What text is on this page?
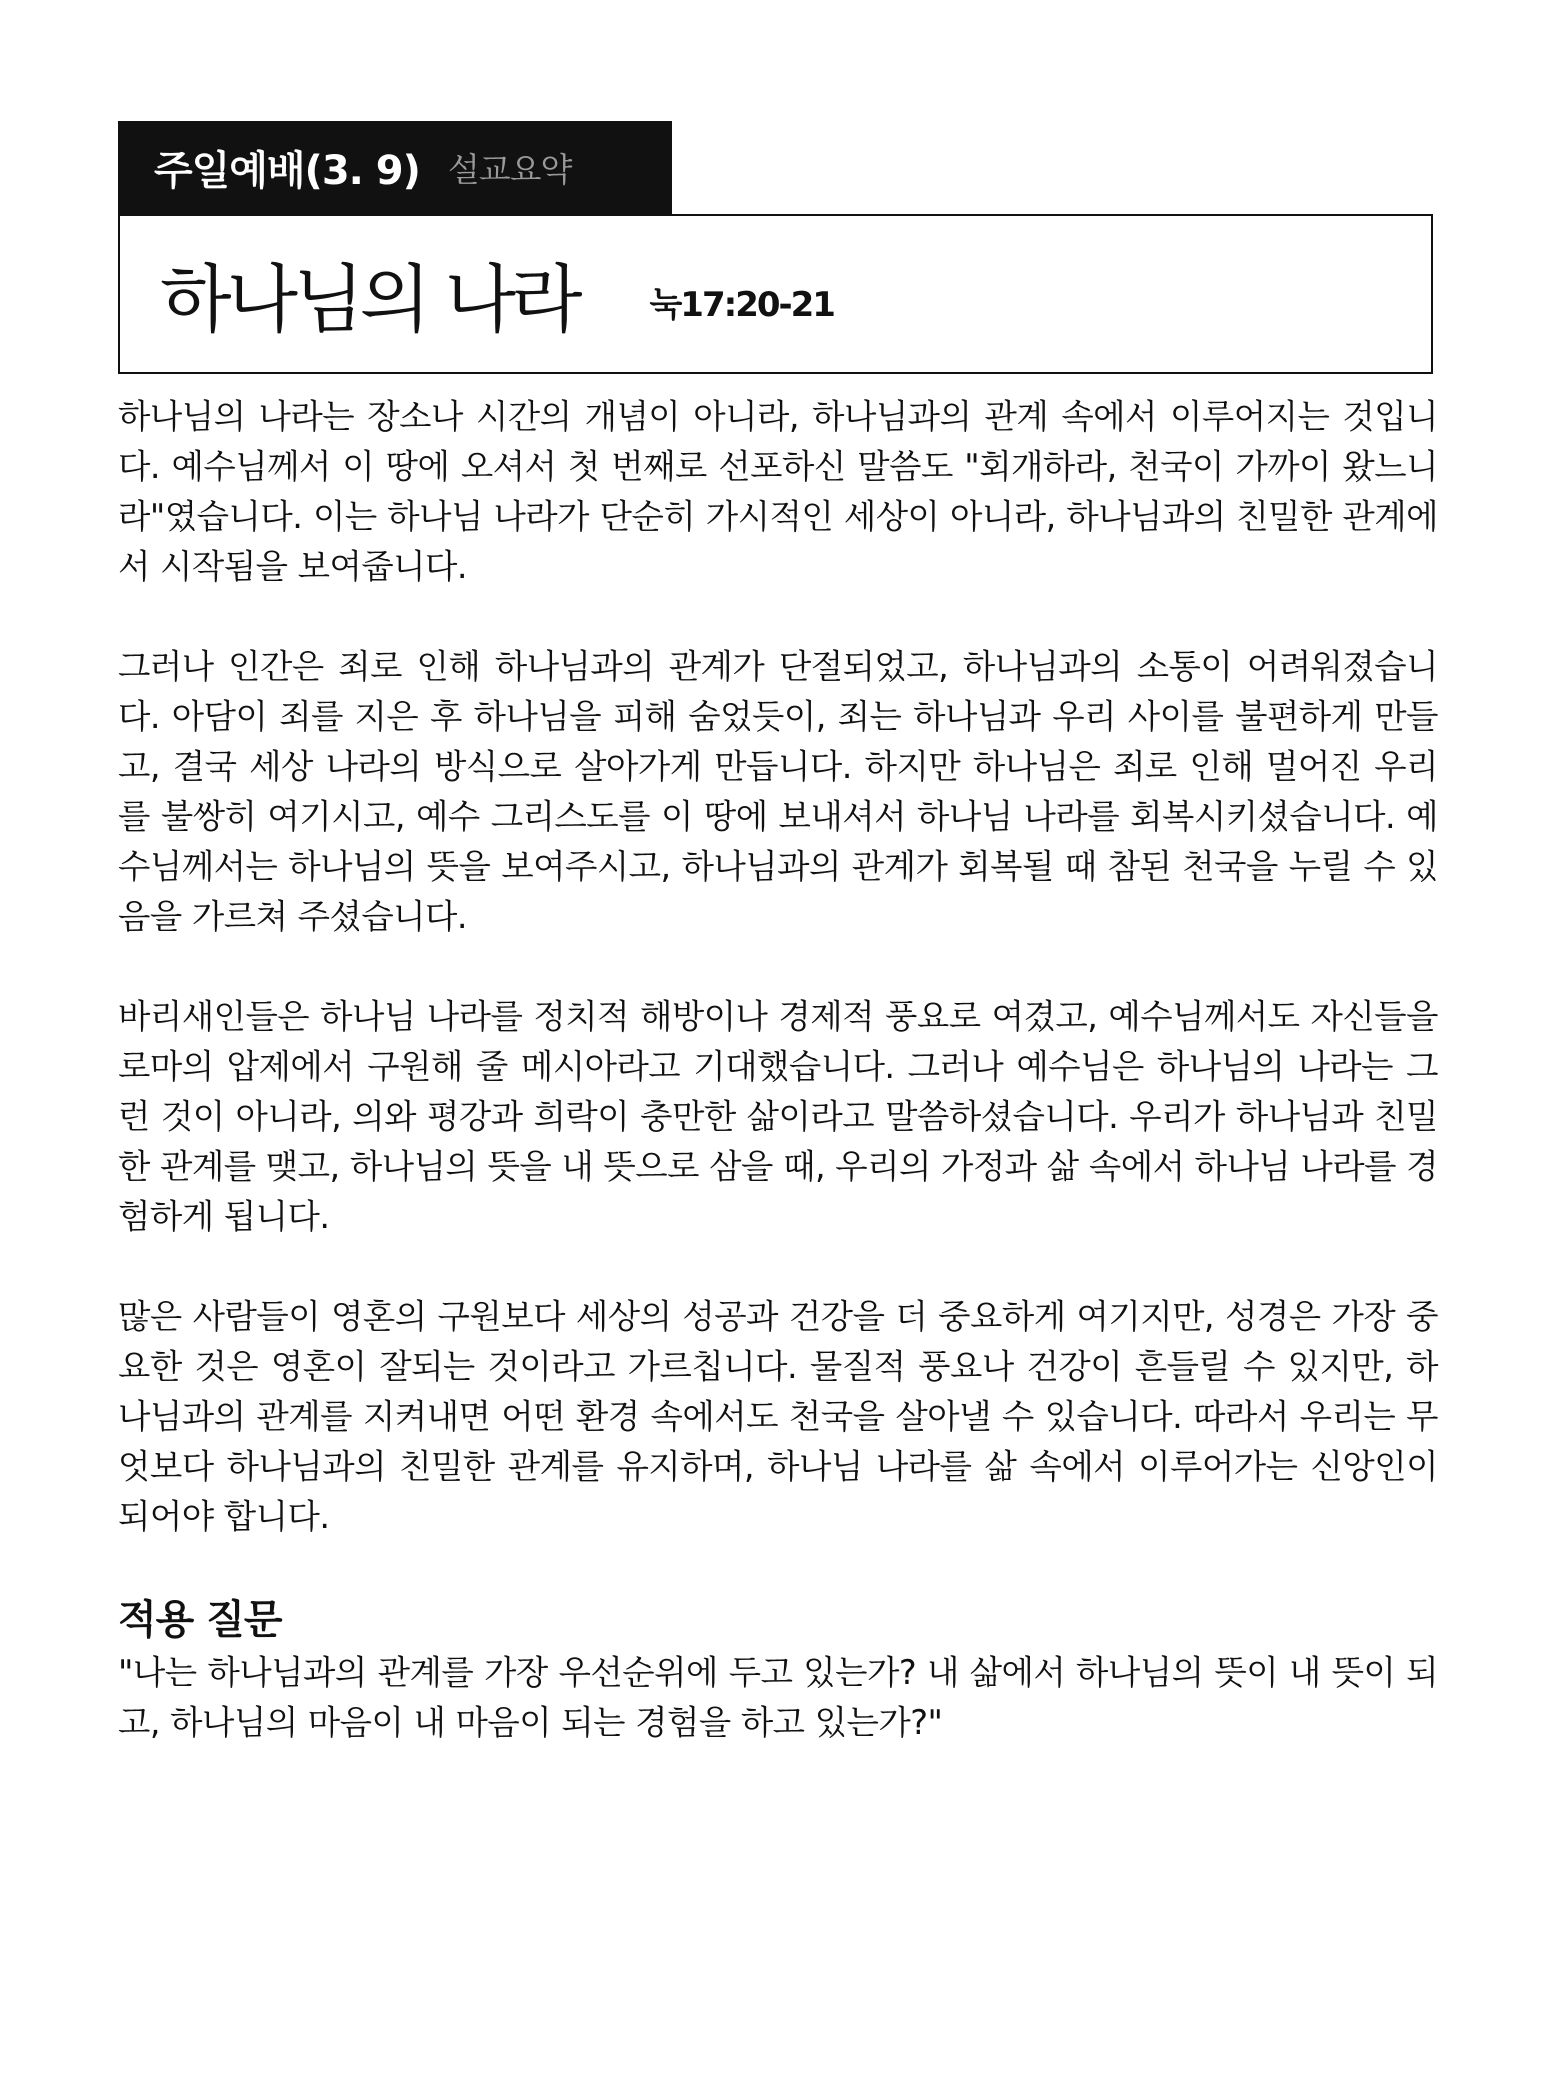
주일예배(3. 9) 설교요약
하나님의 나라 눅17:20-21

하나님의 나라는 장소나 시간의 개념이 아니라, 하나님과의 관계 속에서 이루어지는 것입니다. 예수님께서 이 땅에 오셔서 첫 번째로 선포하신 말씀도 "회개하라, 천국이 가까이 왔느니라"였습니다. 이는 하나님 나라가 단순히 가시적인 세상이 아니라, 하나님과의 친밀한 관계에서 시작됨을 보여줍니다.

그러나 인간은 죄로 인해 하나님과의 관계가 단절되었고, 하나님과의 소통이 어려워졌습니다. 아담이 죄를 지은 후 하나님을 피해 숨었듯이, 죄는 하나님과 우리 사이를 불편하게 만들고, 결국 세상 나라의 방식으로 살아가게 만듭니다. 하지만 하나님은 죄로 인해 멀어진 우리를 불쌍히 여기시고, 예수 그리스도를 이 땅에 보내셔서 하나님 나라를 회복시키셨습니다. 예수님께서는 하나님의 뜻을 보여주시고, 하나님과의 관계가 회복될 때 참된 천국을 누릴 수 있음을 가르쳐 주셨습니다.

바리새인들은 하나님 나라를 정치적 해방이나 경제적 풍요로 여겼고, 예수님께서도 자신들을 로마의 압제에서 구원해 줄 메시아라고 기대했습니다. 그러나 예수님은 하나님의 나라는 그런 것이 아니라, 의와 평강과 희락이 충만한 삶이라고 말씀하셨습니다. 우리가 하나님과 친밀한 관계를 맺고, 하나님의 뜻을 내 뜻으로 삼을 때, 우리의 가정과 삶 속에서 하나님 나라를 경험하게 됩니다.

많은 사람들이 영혼의 구원보다 세상의 성공과 건강을 더 중요하게 여기지만, 성경은 가장 중요한 것은 영혼이 잘되는 것이라고 가르칩니다. 물질적 풍요나 건강이 흔들릴 수 있지만, 하나님과의 관계를 지켜내면 어떤 환경 속에서도 천국을 살아낼 수 있습니다. 따라서 우리는 무엇보다 하나님과의 친밀한 관계를 유지하며, 하나님 나라를 삶 속에서 이루어가는 신앙인이 되어야 합니다.

적용 질문

"나는 하나님과의 관계를 가장 우선순위에 두고 있는가? 내 삶에서 하나님의 뜻이 내 뜻이 되고, 하나님의 마음이 내 마음이 되는 경험을 하고 있는가?"
